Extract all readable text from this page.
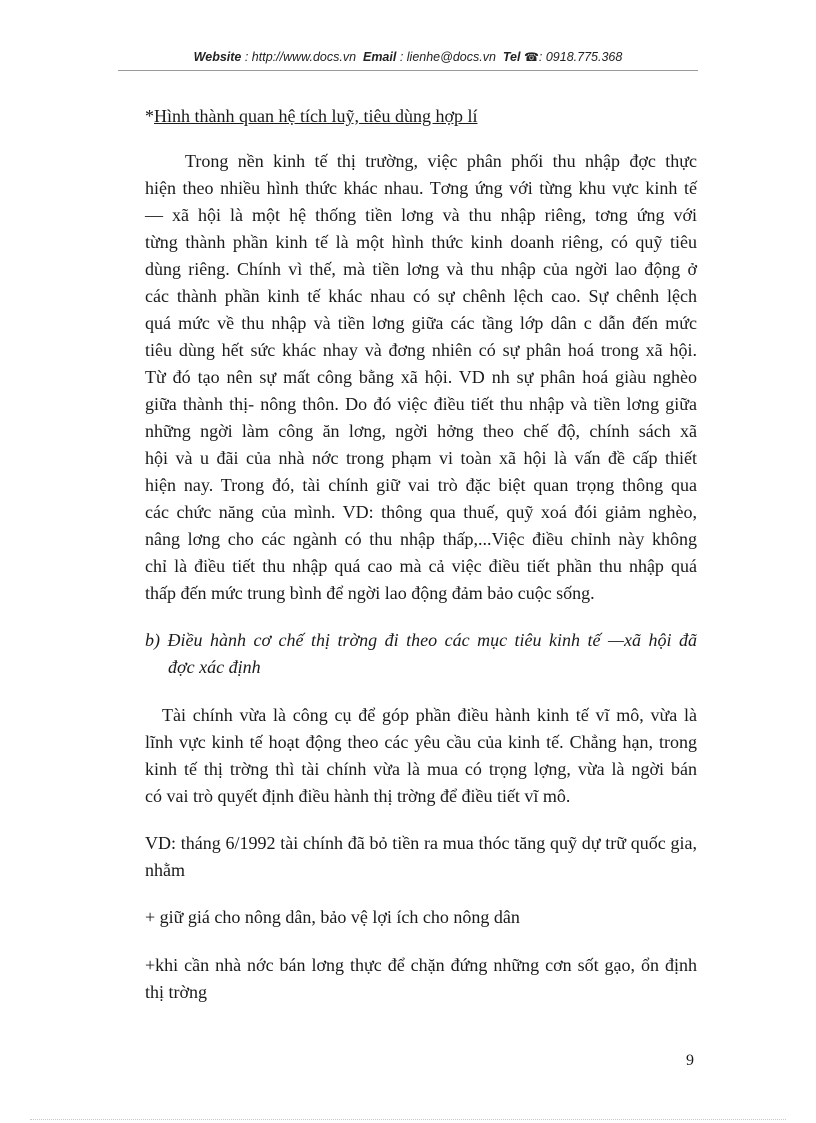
Website : http://www.docs.vn Email : lienhe@docs.vn Tel ☎: 0918.775.368
*Hình thành quan hệ tích luỹ, tiêu dùng hợp lí
Trong nền kinh tế thị trường, việc phân phối thu nhập đợc thực
hiện theo nhiều hình thức khác nhau. Tơng ứng với từng khu vực kinh tế
— xã hội là một hệ thống tiền lơng và thu nhập riêng, tơng ứng với
từng thành phần kinh tế là một hình thức kinh doanh riêng, có quỹ tiêu
dùng riêng. Chính vì thế, mà tiền lơng và thu nhập của ngời lao động ở
các thành phần kinh tế khác nhau có sự chênh lệch cao. Sự chênh lệch
quá mức về thu nhập và tiền lơng giữa các tầng lớp dân c dẫn đến mức
tiêu dùng hết sức khác nhay và đơng nhiên có sự phân hoá trong xã hội.
Từ đó tạo nên sự mất công bằng xã hội. VD nh sự phân hoá giàu nghèo
giữa thành thị- nông thôn. Do đó việc điều tiết thu nhập và tiền lơng giữa
những ngời làm công ăn lơng, ngời hởng theo chế độ, chính sách xã
hội và u đãi của nhà nớc trong phạm vi toàn xã hội là vấn đề cấp thiết
hiện nay. Trong đó, tài chính giữ vai trò đặc biệt quan trọng thông qua
các chức năng của mình. VD: thông qua thuế, quỹ xoá đói giảm nghèo,
nâng lơng cho các ngành có thu nhập thấp,...Việc điều chỉnh này không
chỉ là điều tiết thu nhập quá cao mà cả việc điều tiết phần thu nhập quá
thấp đến mức trung bình để ngời lao động đảm bảo cuộc sống.
b) Điều hành cơ chế thị trờng đi theo các mục tiêu kinh tế —xã hội đã
đợc xác định
Tài chính vừa là công cụ để góp phần điều hành kinh tế vĩ mô, vừa là
lĩnh vực kinh tế hoạt động theo các yêu cầu của kinh tế. Chẳng hạn, trong
kinh tế thị trờng thì tài chính vừa là mua có trọng lợng, vừa là ngời bán
có vai trò quyết định điều hành thị trờng để điều tiết vĩ mô.
VD: tháng 6/1992 tài chính đã bỏ tiền ra mua thóc tăng quỹ dự trữ quốc gia,
nhằm
+ giữ giá cho nông dân, bảo vệ lợi ích cho nông dân
+khi cần nhà nớc bán lơng thực để chặn đứng những cơn sốt gạo, ổn định
thị trờng
9
